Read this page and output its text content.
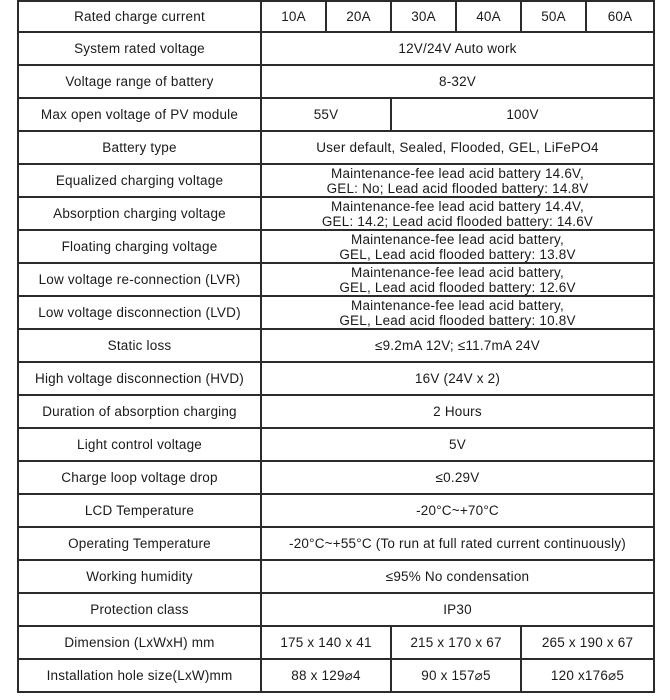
Rated charge current	10A	20A	30A	40A	50A	60A
System rated voltage	12V/24V Auto work					
Voltage range of battery	8-32V					
Max open voltage of PV module	55V		100V			
Battery type	User default, Sealed, Flooded, GEL, LiFePO4					
Equalized charging voltage	Maintenance-fee lead acid battery 14.6V,
GEL: No; Lead acid flooded battery: 14.8V					

Absorption charging voltage	Maintenance-fee lead acid battery 14.4V,
GEL: 14.2; Lead acid flooded battery: 14.6V					

Floating charging voltage	Maintenance-fee lead acid battery,
GEL, Lead acid flooded battery: 13.8V					

Low voltage re-connection (LVR)	Maintenance-fee lead acid battery,
GEL, Lead acid flooded battery: 12.6V					

Low voltage disconnection (LVD)	Maintenance-fee lead acid battery,
GEL, Lead acid flooded battery: 10.8V					

Static loss	≤9.2mA 12V; ≤11.7mA 24V					
High voltage disconnection (HVD)	16V (24V x 2)					
Duration of absorption charging	2 Hours					
Light control voltage	5V					
Charge loop voltage drop	≤0.29V					
LCD Temperature	-20°C~+70°C					
Operating Temperature	-20°C~+55°C (To run at full rated current continuously)					
Working humidity	≤95% No condensation					
Protection class	IP30					
Dimension (LxWxH) mm	175 x 140 x 41		215 x 170 x 67		265 x 190 x 67	
Installation hole size(LxW)mm	88 x 129⌀4		90 x 157⌀5		120 x176⌀5	
